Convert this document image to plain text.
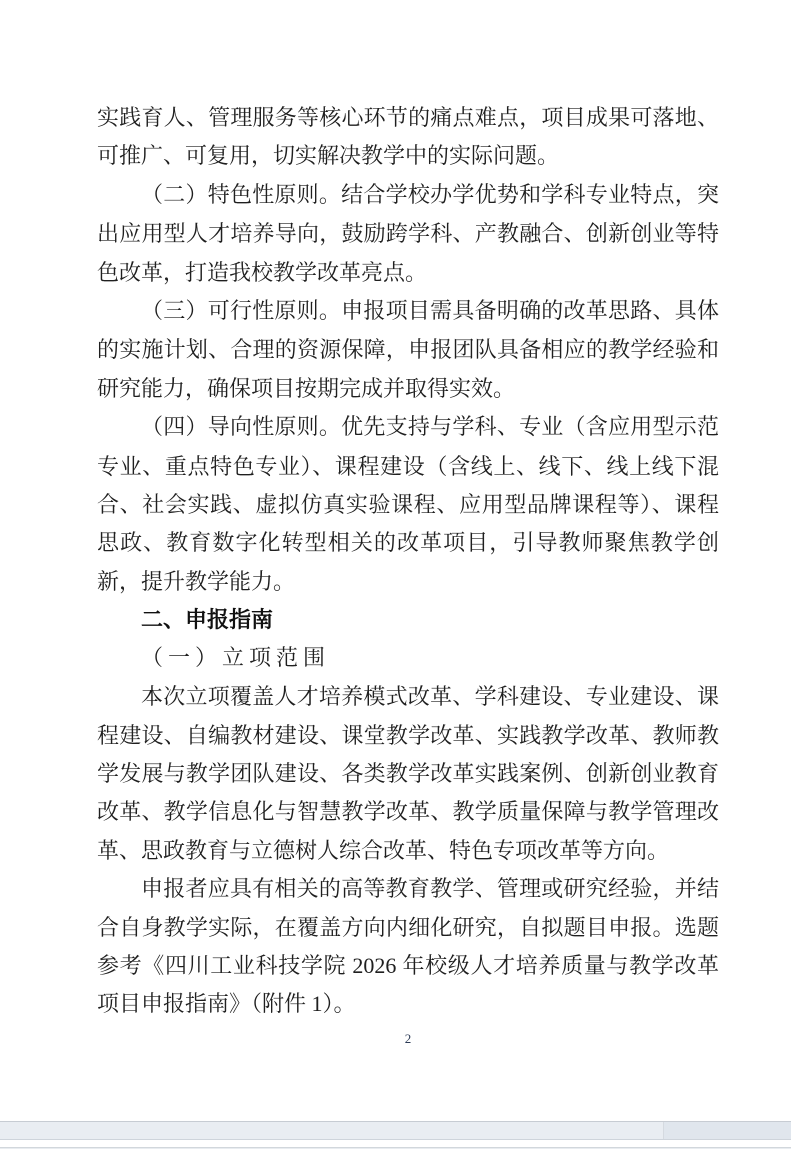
实践育人、管理服务等核心环节的痛点难点，项目成果可落地、可推广、可复用，切实解决教学中的实际问题。

（二）特色性原则。结合学校办学优势和学科专业特点，突出应用型人才培养导向，鼓励跨学科、产教融合、创新创业等特色改革，打造我校教学改革亮点。

（三）可行性原则。申报项目需具备明确的改革思路、具体的实施计划、合理的资源保障，申报团队具备相应的教学经验和研究能力，确保项目按期完成并取得实效。

（四）导向性原则。优先支持与学科、专业（含应用型示范专业、重点特色专业）、课程建设（含线上、线下、线上线下混合、社会实践、虚拟仿真实验课程、应用型品牌课程等）、课程思政、教育数字化转型相关的改革项目，引导教师聚焦教学创新，提升教学能力。

二、申报指南
（一）立项范围

本次立项覆盖人才培养模式改革、学科建设、专业建设、课程建设、自编教材建设、课堂教学改革、实践教学改革、教师教学发展与教学团队建设、各类教学改革实践案例、创新创业教育改革、教学信息化与智慧教学改革、教学质量保障与教学管理改革、思政教育与立德树人综合改革、特色专项改革等方向。

申报者应具有相关的高等教育教学、管理或研究经验，并结合自身教学实际，在覆盖方向内细化研究，自拟题目申报。选题参考《四川工业科技学院 2026 年校级人才培养质量与教学改革项目申报指南》（附件 1）。

2
